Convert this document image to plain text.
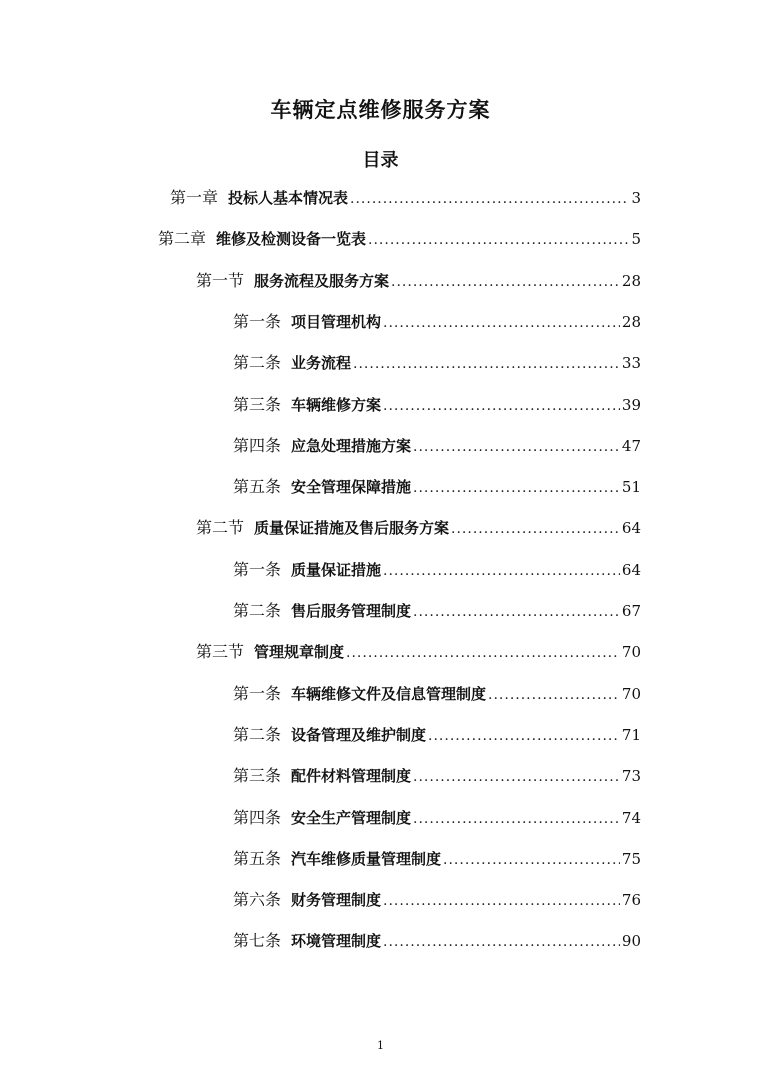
车辆定点维修服务方案
目录
第一章 投标人基本情况表 .....	3
第二章 维修及检测设备一览表 .....	5
第一节 服务流程及服务方案 .....	28
第一条 项目管理机构 .....	28
第二条 业务流程 .....	33
第三条 车辆维修方案 .....	39
第四条 应急处理措施方案 .....	47
第五条 安全管理保障措施 .....	51
第二节 质量保证措施及售后服务方案 .....	64
第一条 质量保证措施 .....	64
第二条 售后服务管理制度 .....	67
第三节 管理规章制度 .....	70
第一条 车辆维修文件及信息管理制度 .....	70
第二条 设备管理及维护制度 .....	71
第三条 配件材料管理制度 .....	73
第四条 安全生产管理制度 .....	74
第五条 汽车维修质量管理制度 .....	75
第六条 财务管理制度 .....	76
第七条 环境管理制度 .....	90
1
